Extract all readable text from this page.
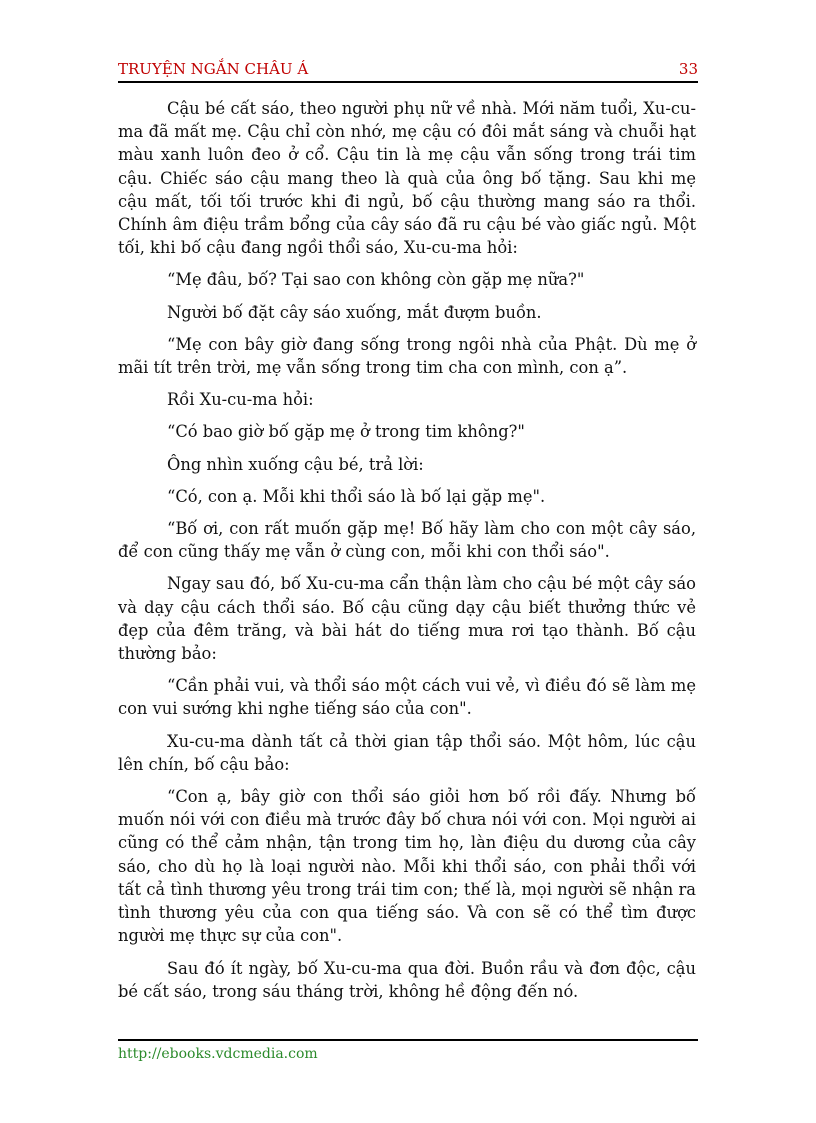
TRUYỆN NGẮN CHÂU Á	33

Cậu bé cất sáo, theo người phụ nữ về nhà. Mới năm tuổi, Xu-cu-ma đã mất mẹ. Cậu chỉ còn nhớ, mẹ cậu có đôi mắt sáng và chuỗi hạt màu xanh luôn đeo ở cổ. Cậu tin là mẹ cậu vẫn sống trong trái tim cậu. Chiếc sáo cậu mang theo là quà của ông bố tặng. Sau khi mẹ cậu mất, tối tối trước khi đi ngủ, bố cậu thường mang sáo ra thổi. Chính âm điệu trầm bổng của cây sáo đã ru cậu bé vào giấc ngủ. Một tối, khi bố cậu đang ngồi thổi sáo, Xu-cu-ma hỏi:

“Mẹ đâu, bố? Tại sao con không còn gặp mẹ nữa?"

Người bố đặt cây sáo xuống, mắt đượm buồn.

“Mẹ con bây giờ đang sống trong ngôi nhà của Phật. Dù mẹ ở mãi tít trên trời, mẹ vẫn sống trong tim cha con mình, con ạ”.

Rồi Xu-cu-ma hỏi:

“Có bao giờ bố gặp mẹ ở trong tim không?"

Ông nhìn xuống cậu bé, trả lời:

“Có, con ạ. Mỗi khi thổi sáo là bố lại gặp mẹ".

“Bố ơi, con rất muốn gặp mẹ! Bố hãy làm cho con một cây sáo, để con cũng thấy mẹ vẫn ở cùng con, mỗi khi con thổi sáo".

Ngay sau đó, bố Xu-cu-ma cẩn thận làm cho cậu bé một cây sáo và dạy cậu cách thổi sáo. Bố cậu cũng dạy cậu biết thưởng thức vẻ đẹp của đêm trăng, và bài hát do tiếng mưa rơi tạo thành. Bố cậu thường bảo:

“Cần phải vui, và thổi sáo một cách vui vẻ, vì điều đó sẽ làm mẹ con vui sướng khi nghe tiếng sáo của con".

Xu-cu-ma dành tất cả thời gian tập thổi sáo. Một hôm, lúc cậu lên chín, bố cậu bảo:

“Con ạ, bây giờ con thổi sáo giỏi hơn bố rồi đấy. Nhưng bố muốn nói với con điều mà trước đây bố chưa nói với con. Mọi người ai cũng có thể cảm nhận, tận trong tim họ, làn điệu du dương của cây sáo, cho dù họ là loại người nào. Mỗi khi thổi sáo, con phải thổi với tất cả tình thương yêu trong trái tim con; thế là, mọi người sẽ nhận ra tình thương yêu của con qua tiếng sáo. Và con sẽ có thể tìm được người mẹ thực sự của con".

Sau đó ít ngày, bố Xu-cu-ma qua đời. Buồn rầu và đơn độc, cậu bé cất sáo, trong sáu tháng trời, không hề động đến nó.

http://ebooks.vdcmedia.com
